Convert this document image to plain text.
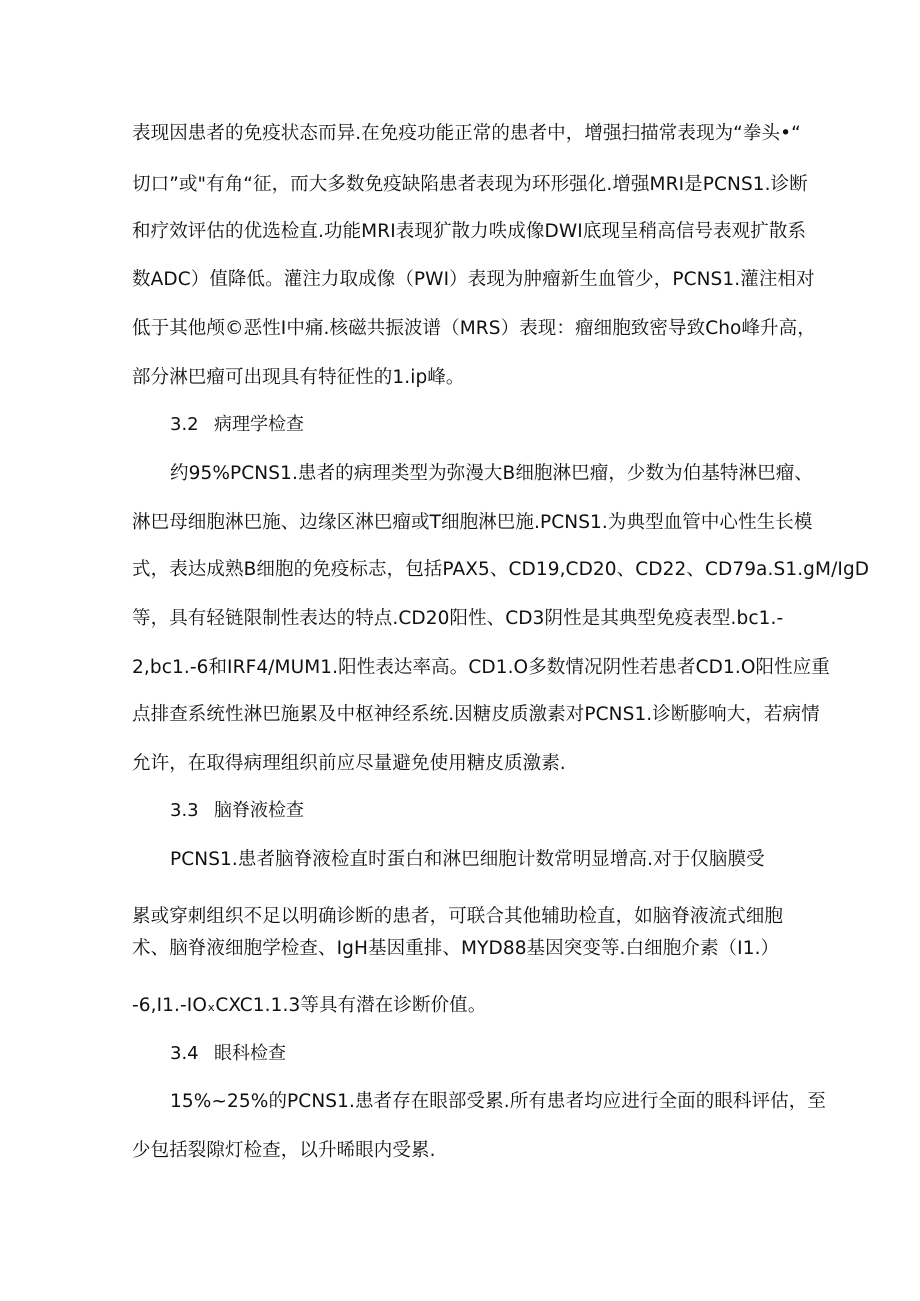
表现因患者的免疫状态而异.在免疫功能正常的患者中，增强扫描常表现为“拳头•“
切口”或"有角“征，而大多数免疫缺陷患者表现为环形强化.增强MRI是PCNS1.诊断
和疗效评估的优选检直.功能MRI表现犷散力呹成像DWI底现呈稍高信号表观扩散系
数ADC）值降低。灌注力取成像（PWI）表现为肿瘤新生血管少，PCNS1.灌注相对
低于其他颅©恶性I中痛.核磁共振波谱（MRS）表现：瘤细胞致密导致Cho峰升高，
部分淋巴瘤可出现具有特征性的1.ip峰。
3.2 病理学检查
约95%PCNS1.患者的病理类型为弥漫大B细胞淋巴瘤，少数为伯基特淋巴瘤、
淋巴母细胞淋巴施、边缘区淋巴瘤或T细胞淋巴施.PCNS1.为典型血管中心性生长模
式，表达成熟B细胞的免疫标志，包括PAX5、CD19,CD20、CD22、CD79a.S1.gM/IgD
等，具有轻链限制性表达的特点.CD20阳性、CD3阴性是其典型免疫表型.bc1.-
2,bc1.-6和IRF4/MUM1.阳性表达率高。CD1.O多数情况阴性若患者CD1.O阳性应重
点排查系统性淋巴施累及中枢神经系统.因糖皮质激素对PCNS1.诊断膨响大，若病情
允许，在取得病理组织前应尽量避免使用糖皮质激素.
3.3 脑脊液检查
PCNS1.患者脑脊液检直时蛋白和淋巴细胞计数常明显增高.对于仅脑膜受
累或穿刺组织不足以明确诊断的患者，可联合其他辅助检直，如脑脊液流式细胞
术、脑脊液细胞学检查、IgH基因重排、MYD88基因突变等.白细胞介素（I1.）
-6,I1.-IOₓCXC1.1.3等具有潜在诊断价值。
3.4 眼科检查
15%~25%的PCNS1.患者存在眼部受累.所有患者均应进行全面的眼科评估，至
少包括裂隙灯检查，以升晞眼内受累.
